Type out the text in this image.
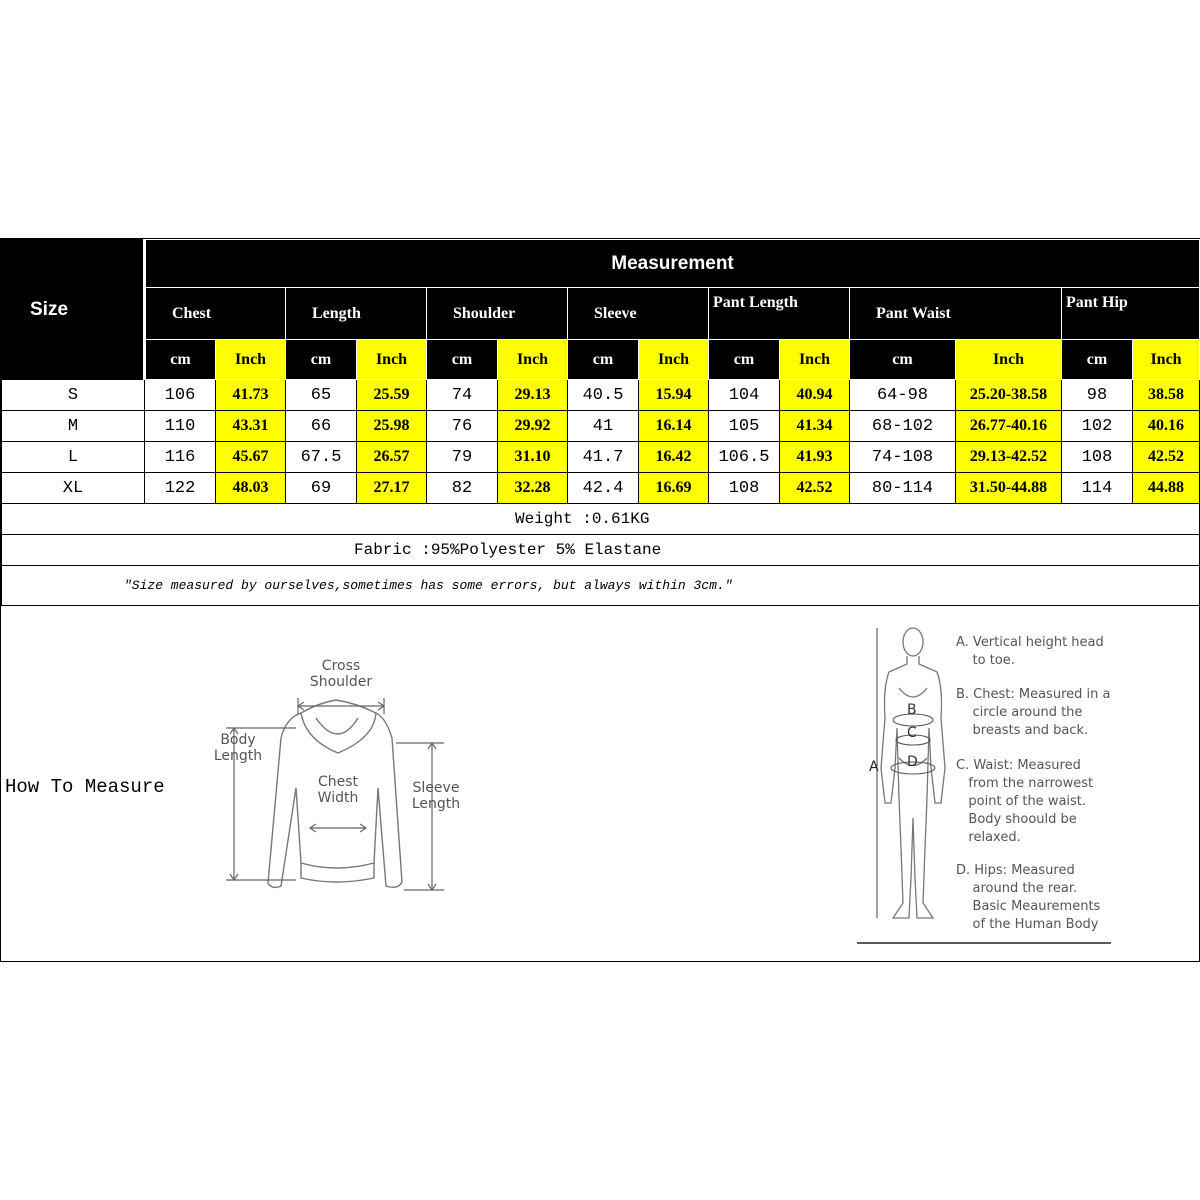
Size	Measurement													
	Chest		Length		Shoulder		Sleeve		Pant Length		Pant Waist		Pant Hip	
	cm	Inch	cm	Inch	cm	Inch	cm	Inch	cm	Inch	cm	Inch	cm	Inch
S	106	41.73	65	25.59	74	29.13	40.5	15.94	104	40.94	64-98	25.20-38.58	98	38.58
M	110	43.31	66	25.98	76	29.92	41	16.14	105	41.34	68-102	26.77-40.16	102	40.16
L	116	45.67	67.5	26.57	79	31.10	41.7	16.42	106.5	41.93	74-108	29.13-42.52	108	42.52
XL	122	48.03	69	27.17	82	32.28	42.4	16.69	108	42.52	80-114	31.50-44.88	114	44.88
Weight :0.61KG														
Fabric :95%Polyester 5% Elastane														
"Size measured by ourselves,sometimes has some errors, but always within 3cm."														
How To Measure
Cross
Shoulder
Body
Length
Chest
Width
Sleeve
Length
B
C
D
A
A. Vertical height head
to toe.
B. Chest: Measured in a
circle around the
breasts and back.
C. Waist: Measured
from the narrowest
point of the waist.
Body shoould be
relaxed.
D. Hips: Measured
around the rear.
Basic Meaurements
of the Human Body
